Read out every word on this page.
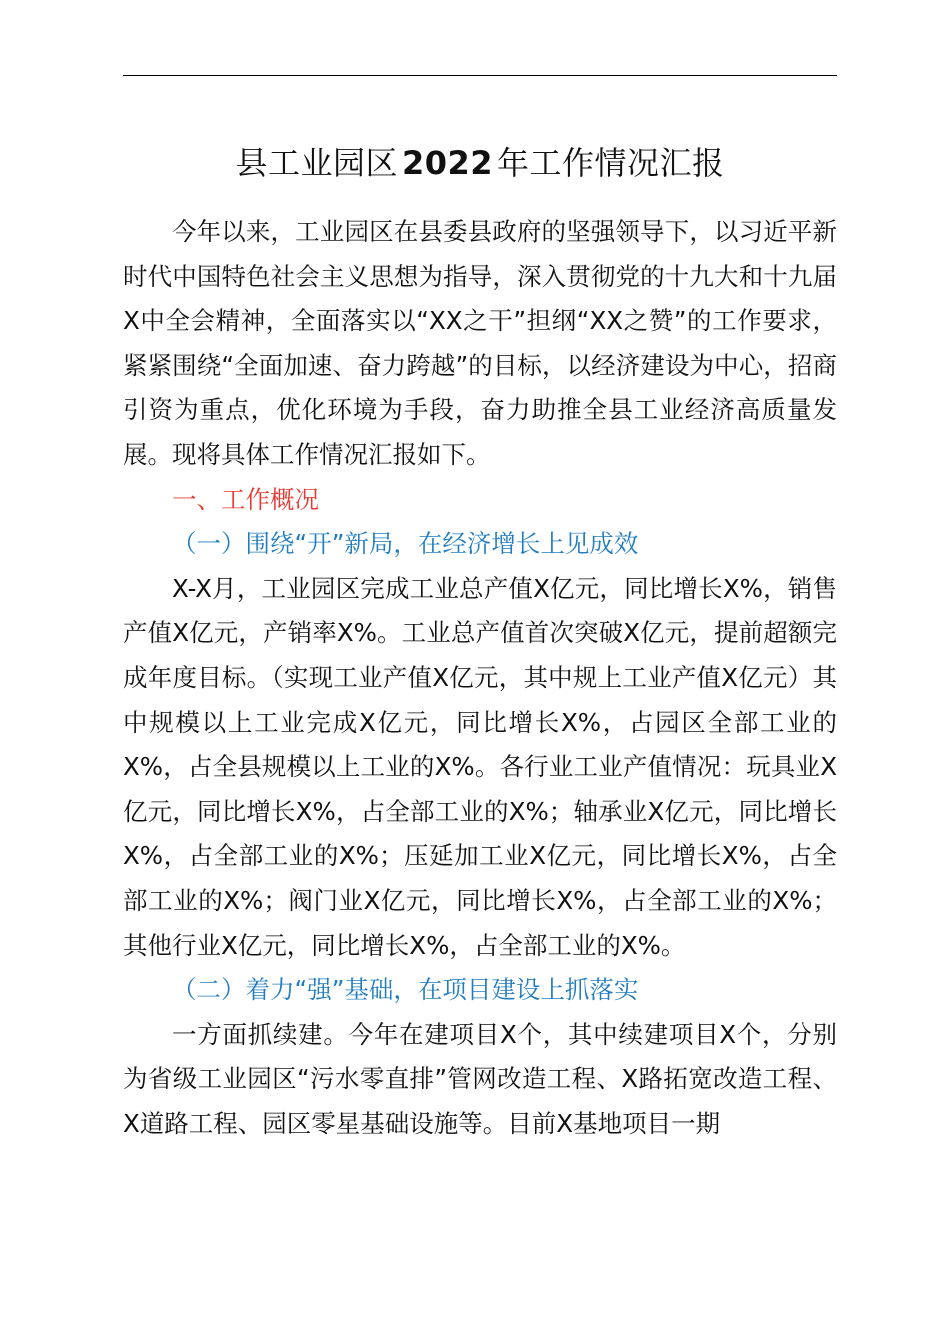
县工业园区 2022 年工作情况汇报

今年以来，工业园区在县委县政府的坚强领导下，以习近平新时代中国特色社会主义思想为指导，深入贯彻党的十九大和十九届X中全会精神，全面落实以“XX之干”担纲“XX之赞”的工作要求，紧紧围绕“全面加速、奋力跨越”的目标，以经济建设为中心，招商引资为重点，优化环境为手段，奋力助推全县工业经济高质量发展。现将具体工作情况汇报如下。

一、工作概况

（一）围绕“开”新局，在经济增长上见成效

X-X月，工业园区完成工业总产值X亿元，同比增长X%，销售产值X亿元，产销率X%。工业总产值首次突破X亿元，提前超额完成年度目标。（实现工业产值X亿元，其中规上工业产值X亿元）其中规模以上工业完成X亿元，同比增长X%，占园区全部工业的X%，占全县规模以上工业的X%。各行业工业产值情况：玩具业X亿元，同比增长X%，占全部工业的X%；轴承业X亿元，同比增长X%，占全部工业的X%；压延加工业X亿元，同比增长X%，占全部工业的X%；阀门业X亿元，同比增长X%，占全部工业的X%；其他行业X亿元，同比增长X%，占全部工业的X%。

（二）着力“强”基础，在项目建设上抓落实

一方面抓续建。今年在建项目X个，其中续建项目X个，分别为省级工业园区“污水零直排”管网改造工程、X路拓宽改造工程、X道路工程、园区零星基础设施等。目前X基地项目一期
